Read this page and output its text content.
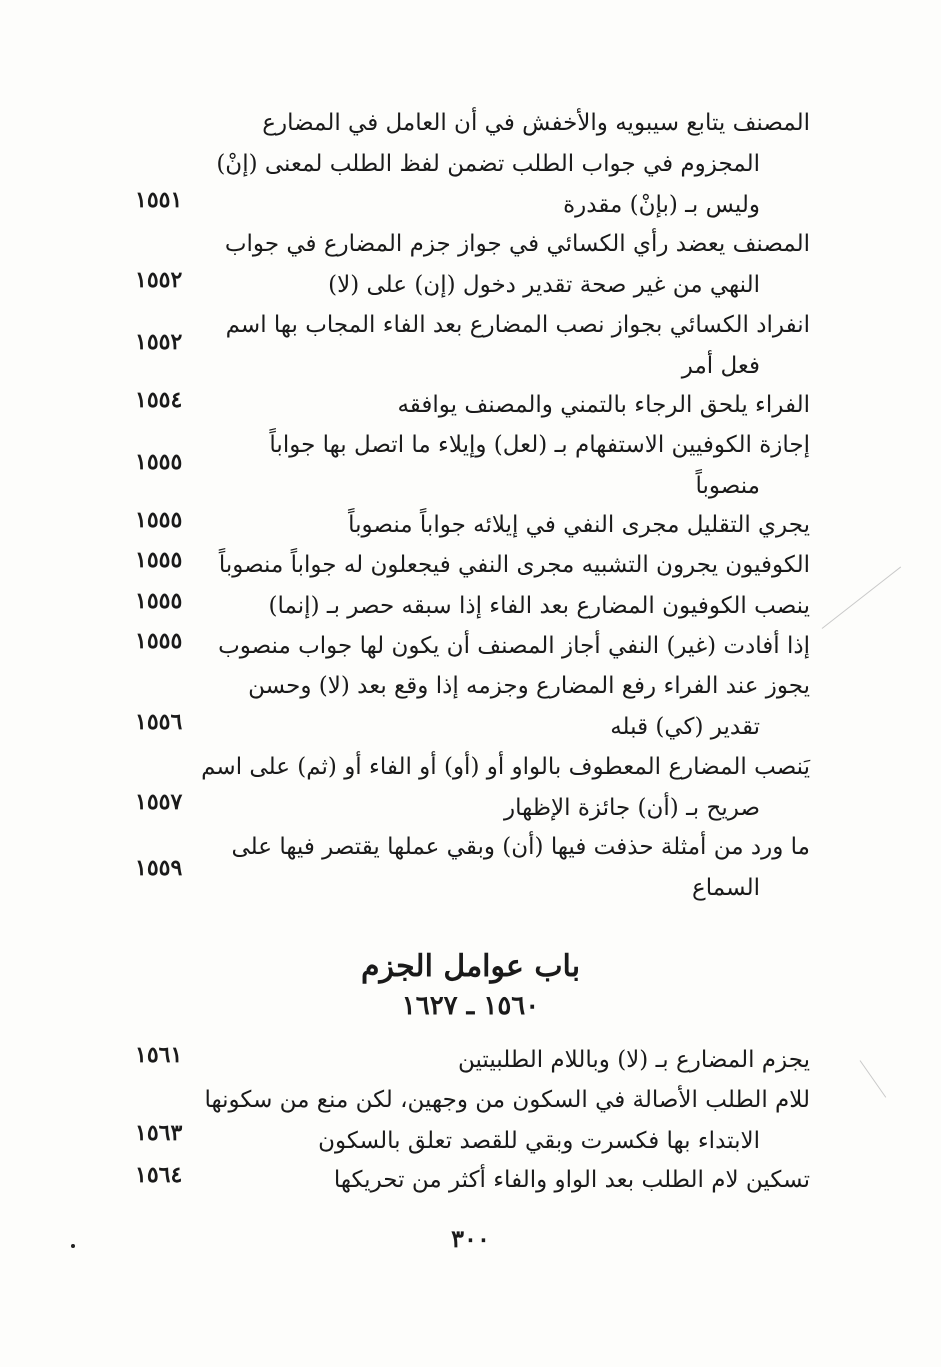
المصنف يتابع سيبويه والأخفش في أن العامل في المضارع
المجزوم في جواب الطلب تضمن لفظ الطلب لمعنى (إنْ)
وليس بـ (بإنْ) مقدرة
١٥٥١
المصنف يعضد رأي الكسائي في جواز جزم المضارع في جواب
النهي من غير صحة تقدير دخول (إن) على (لا)
١٥٥٢
انفراد الكسائي بجواز نصب المضارع بعد الفاء المجاب بها اسم
فعل أمر
١٥٥٢
الفراء يلحق الرجاء بالتمني والمصنف يوافقه
١٥٥٤
إجازة الكوفيين الاستفهام بـ (لعل) وإيلاء ما اتصل بها جواباً
منصوباً
١٥٥٥
يجري التقليل مجرى النفي في إيلائه جواباً منصوباً
١٥٥٥
الكوفيون يجرون التشبيه مجرى النفي فيجعلون له جواباً منصوباً
١٥٥٥
ينصب الكوفيون المضارع بعد الفاء إذا سبقه حصر بـ (إنما)
١٥٥٥
إذا أفادت (غير) النفي أجاز المصنف أن يكون لها جواب منصوب
١٥٥٥
يجوز عند الفراء رفع المضارع وجزمه إذا وقع بعد (لا) وحسن
تقدير (كي) قبله
١٥٥٦
يَنصب المضارع المعطوف بالواو أو (أو) أو الفاء أو (ثم) على اسم
صريح بـ (أن) جائزة الإظهار
١٥٥٧
ما ورد من أمثلة حذفت فيها (أن) وبقي عملها يقتصر فيها على
السماع
١٥٥٩
باب عوامل الجزم
١٥٦٠ ـ ١٦٢٧
يجزم المضارع بـ (لا) وباللام الطلبيتين
١٥٦١
للام الطلب الأصالة في السكون من وجهين، لكن منع من سكونها
الابتداء بها فكسرت وبقي للقصد تعلق بالسكون
١٥٦٣
تسكين لام الطلب بعد الواو والفاء أكثر من تحريكها
١٥٦٤
٣٠٠
